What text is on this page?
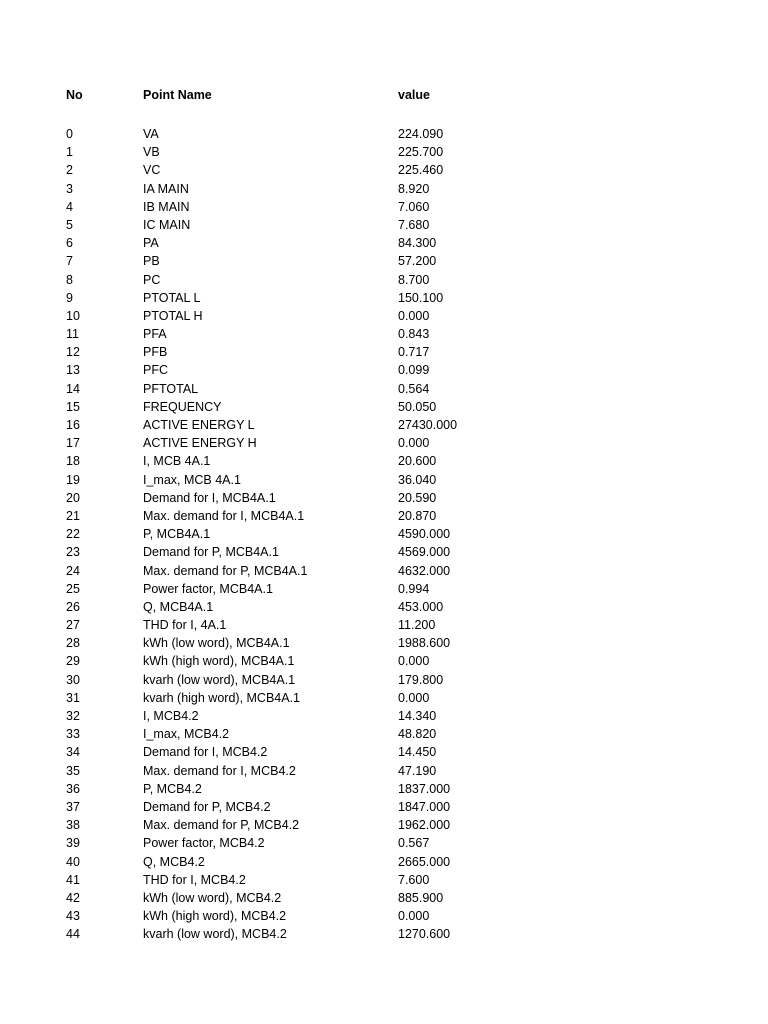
No	Point Name	value
0	VA	224.090
1	VB	225.700
2	VC	225.460
3	IA MAIN	8.920
4	IB MAIN	7.060
5	IC MAIN	7.680
6	PA	84.300
7	PB	57.200
8	PC	8.700
9	PTOTAL L	150.100
10	PTOTAL H	0.000
11	PFA	0.843
12	PFB	0.717
13	PFC	0.099
14	PFTOTAL	0.564
15	FREQUENCY	50.050
16	ACTIVE ENERGY L	27430.000
17	ACTIVE ENERGY H	0.000
18	I, MCB 4A.1	20.600
19	I_max, MCB 4A.1	36.040
20	Demand for I, MCB4A.1	20.590
21	Max. demand for I, MCB4A.1	20.870
22	P, MCB4A.1	4590.000
23	Demand for P, MCB4A.1	4569.000
24	Max. demand for P, MCB4A.1	4632.000
25	Power factor, MCB4A.1	0.994
26	Q, MCB4A.1	453.000
27	THD for I, 4A.1	11.200
28	kWh (low word), MCB4A.1	1988.600
29	kWh (high word), MCB4A.1	0.000
30	kvarh (low word), MCB4A.1	179.800
31	kvarh (high word), MCB4A.1	0.000
32	I, MCB4.2	14.340
33	I_max, MCB4.2	48.820
34	Demand for I, MCB4.2	14.450
35	Max. demand for I, MCB4.2	47.190
36	P, MCB4.2	1837.000
37	Demand for P, MCB4.2	1847.000
38	Max. demand for P, MCB4.2	1962.000
39	Power factor, MCB4.2	0.567
40	Q, MCB4.2	2665.000
41	THD for I, MCB4.2	7.600
42	kWh (low word), MCB4.2	885.900
43	kWh (high word), MCB4.2	0.000
44	kvarh (low word), MCB4.2	1270.600
